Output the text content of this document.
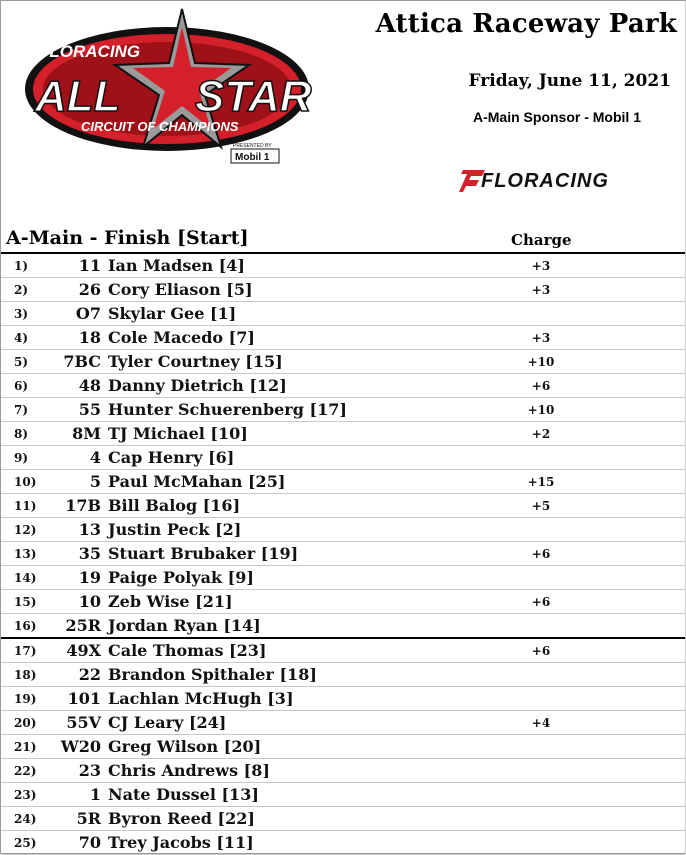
FLORACING
ALL STAR
CIRCUIT OF CHAMPIONS
PRESENTED BY
Mobil 1
Attica Raceway Park
Friday, June 11, 2021
A-Main Sponsor - Mobil 1
FLORACING
A-Main - Finish [Start]	Charge
1)	11 Ian Madsen [4]	+3
2)	26 Cory Eliason [5]	+3
3)	O7 Skylar Gee [1]
4)	18 Cole Macedo [7]	+3
5)	7BC Tyler Courtney [15]	+10
6)	48 Danny Dietrich [12]	+6
7)	55 Hunter Schuerenberg [17]	+10
8)	8M TJ Michael [10]	+2
9)	4 Cap Henry [6]
10)	5 Paul McMahan [25]	+15
11)	17B Bill Balog [16]	+5
12)	13 Justin Peck [2]
13)	35 Stuart Brubaker [19]	+6
14)	19 Paige Polyak [9]
15)	10 Zeb Wise [21]	+6
16)	25R Jordan Ryan [14]
17)	49X Cale Thomas [23]	+6
18)	22 Brandon Spithaler [18]
19)	101 Lachlan McHugh [3]
20)	55V CJ Leary [24]	+4
21)	W20 Greg Wilson [20]
22)	23 Chris Andrews [8]
23)	1 Nate Dussel [13]
24)	5R Byron Reed [22]
25)	70 Trey Jacobs [11]
